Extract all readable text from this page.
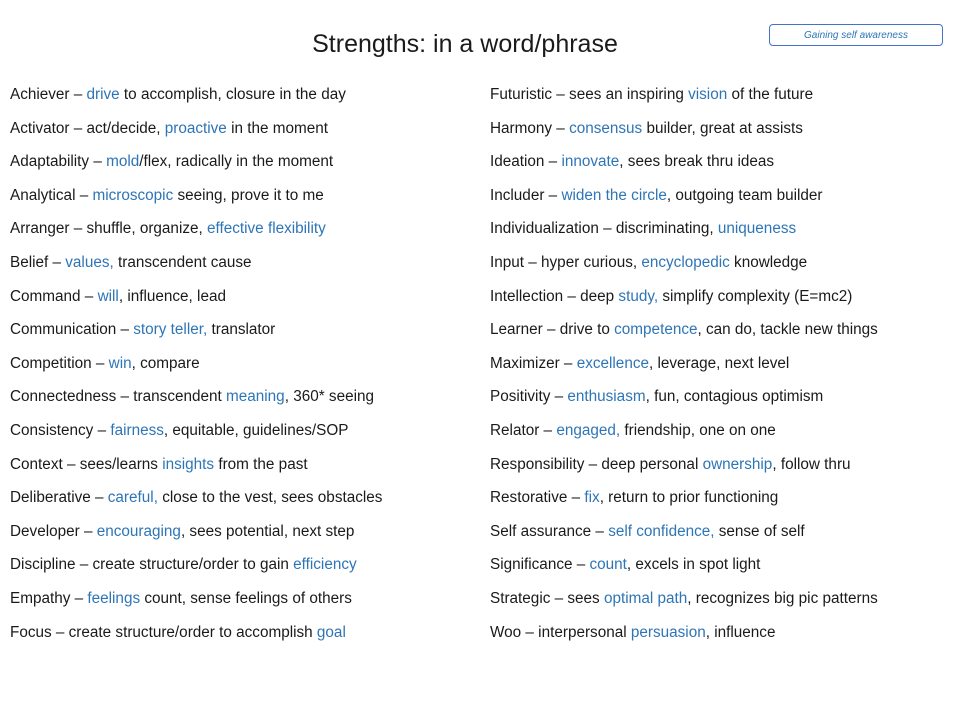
Gaining self awareness
Strengths: in a word/phrase
Achiever – drive to accomplish, closure in the day
Activator – act/decide, proactive in the moment
Adaptability – mold/flex, radically in the moment
Analytical – microscopic seeing, prove it to me
Arranger – shuffle, organize, effective flexibility
Belief – values, transcendent cause
Command – will, influence, lead
Communication – story teller, translator
Competition – win, compare
Connectedness – transcendent meaning, 360* seeing
Consistency – fairness, equitable, guidelines/SOP
Context – sees/learns insights from the past
Deliberative – careful, close to the vest, sees obstacles
Developer – encouraging, sees potential, next step
Discipline – create structure/order to gain efficiency
Empathy – feelings count, sense feelings of others
Focus – create structure/order to accomplish goal
Futuristic – sees an inspiring vision of the future
Harmony – consensus builder, great at assists
Ideation – innovate, sees break thru ideas
Includer – widen the circle, outgoing team builder
Individualization – discriminating, uniqueness
Input – hyper curious, encyclopedic knowledge
Intellection – deep study, simplify complexity (E=mc2)
Learner – drive to competence, can do, tackle new things
Maximizer – excellence, leverage, next level
Positivity – enthusiasm, fun, contagious optimism
Relator – engaged, friendship, one on one
Responsibility – deep personal ownership, follow thru
Restorative – fix, return to prior functioning
Self assurance – self confidence, sense of self
Significance – count, excels in spot light
Strategic – sees optimal path, recognizes big pic patterns
Woo – interpersonal persuasion, influence
